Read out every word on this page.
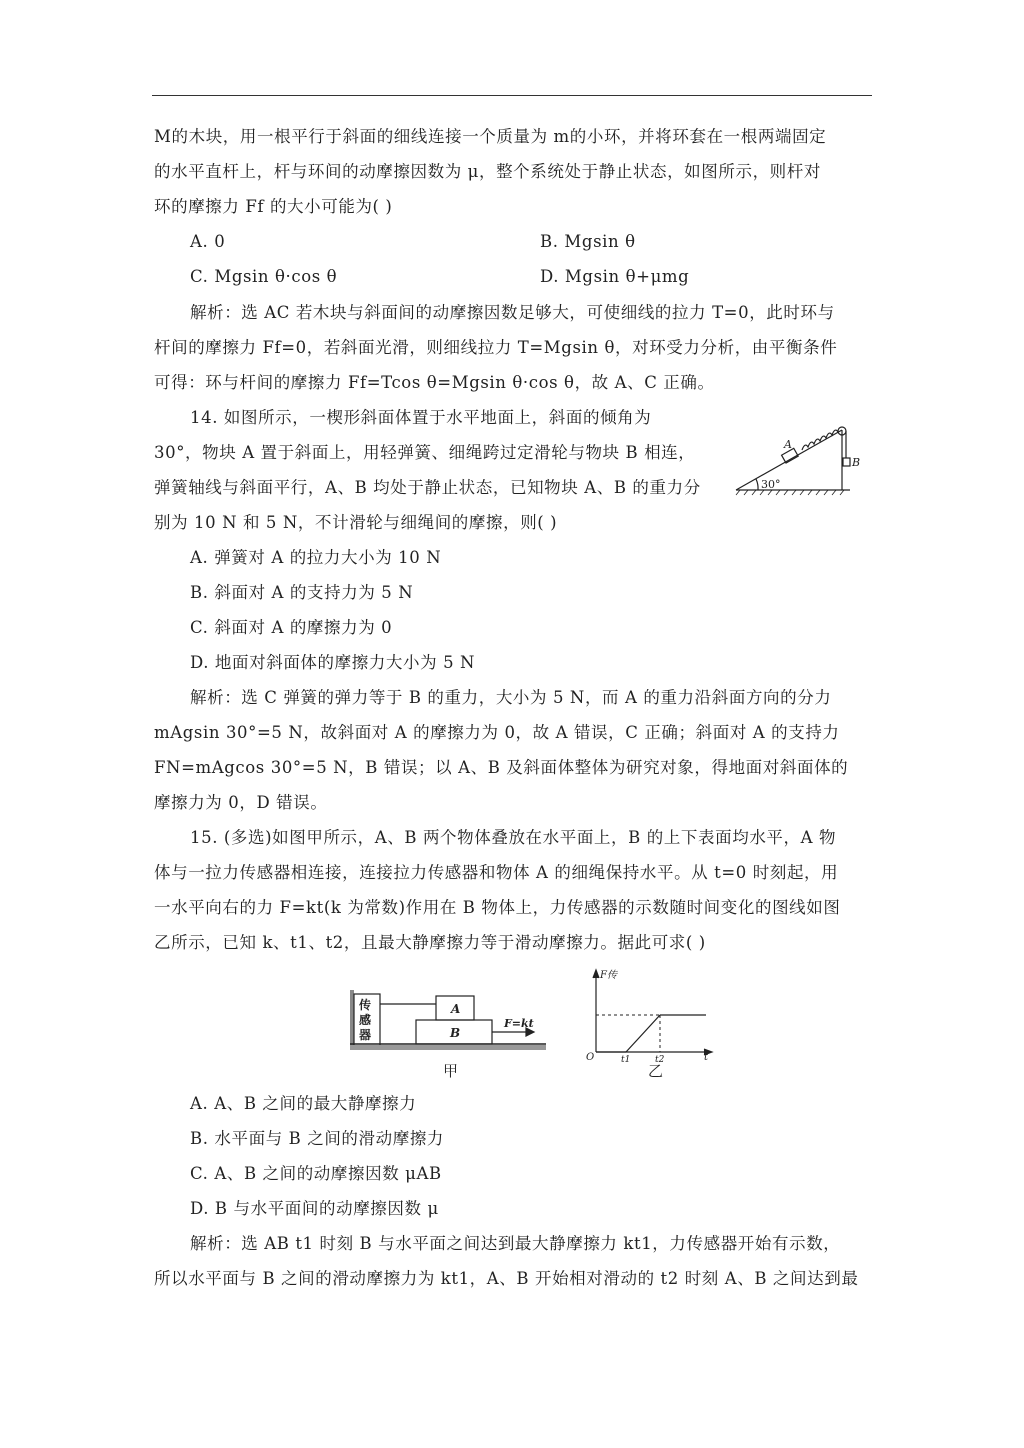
M的木块，用一根平行于斜面的细线连接一个质量为 m的小环，并将环套在一根两端固定
的水平直杆上，杆与环间的动摩擦因数为 μ，整个系统处于静止状态，如图所示，则杆对
环的摩擦力 Ff 的大小可能为( )
解析：选 AC 若木块与斜面间的动摩擦因数足够大，可使细线的拉力 T=0，此时环与
杆间的摩擦力 Ff=0，若斜面光滑，则细线拉力 T=Mgsin θ，对环受力分析，由平衡条件
可得：环与杆间的摩擦力 Ff=Tcos θ=Mgsin θ·cos θ，故 A、C 正确。
14. 如图所示，一楔形斜面体置于水平地面上，斜面的倾角为
30°，物块 A 置于斜面上，用轻弹簧、细绳跨过定滑轮与物块 B 相连，
弹簧轴线与斜面平行，A、B 均处于静止状态，已知物块 A、B 的重力分
别为 10 N 和 5 N，不计滑轮与细绳间的摩擦，则( )
A. 弹簧对 A 的拉力大小为 10 N
B. 斜面对 A 的支持力为 5 N
C. 斜面对 A 的摩擦力为 0
D. 地面对斜面体的摩擦力大小为 5 N
解析：选 C 弹簧的弹力等于 B 的重力，大小为 5 N，而 A 的重力沿斜面方向的分力
mAgsin 30°=5 N，故斜面对 A 的摩擦力为 0，故 A 错误，C 正确；斜面对 A 的支持力
FN=mAgcos 30°=5 N，B 错误；以 A、B 及斜面体整体为研究对象，得地面对斜面体的
摩擦力为 0，D 错误。
15. (多选)如图甲所示，A、B 两个物体叠放在水平面上，B 的上下表面均水平，A 物
体与一拉力传感器相连接，连接拉力传感器和物体 A 的细绳保持水平。从 t=0 时刻起，用
一水平向右的力 F=kt(k 为常数)作用在 B 物体上，力传感器的示数随时间变化的图线如图
乙所示，已知 k、t1、t2，且最大静摩擦力等于滑动摩擦力。据此可求( )
A. A、B 之间的最大静摩擦力
B. 水平面与 B 之间的滑动摩擦力
C. A、B 之间的动摩擦因数 μAB
D. B 与水平面间的动摩擦因数 μ
解析：选 AB t1 时刻 B 与水平面之间达到最大静摩擦力 kt1，力传感器开始有示数，
所以水平面与 B 之间的滑动摩擦力为 kt1，A、B 开始相对滑动的 t2 时刻 A、B 之间达到最
A. 0	B. Mgsin θ
C. Mgsin θ·cos θ	D. Mgsin θ+μmg
30°
A
B
传
感
器
A
B
F=kt
甲
F传
O	t1	t2	t
乙
